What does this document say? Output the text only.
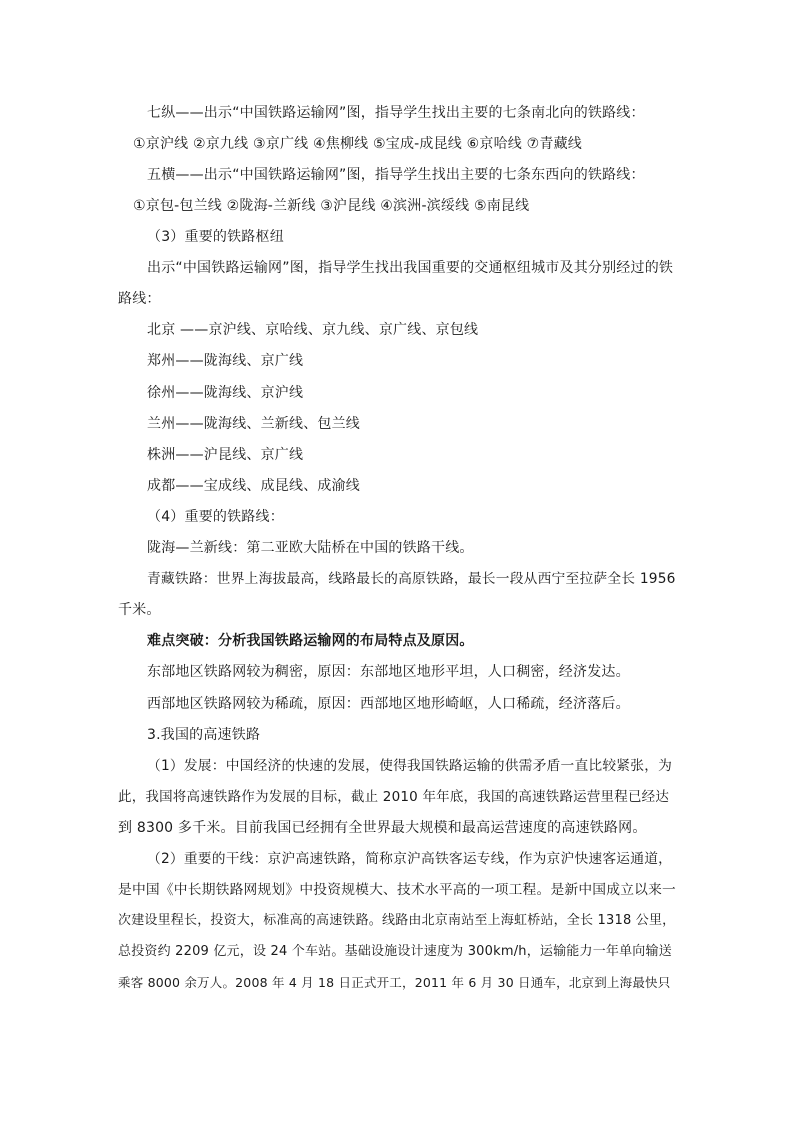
七纵——出示“中国铁路运输网”图，指导学生找出主要的七条南北向的铁路线：
①京沪线 ②京九线 ③京广线 ④焦柳线 ⑤宝成-成昆线 ⑥京哈线 ⑦青藏线
五横——出示“中国铁路运输网”图，指导学生找出主要的七条东西向的铁路线：
①京包-包兰线 ②陇海-兰新线 ③沪昆线 ④滨洲-滨绥线 ⑤南昆线
（3）重要的铁路枢纽
出示“中国铁路运输网”图，指导学生找出我国重要的交通枢纽城市及其分别经过的铁
路线：
北京 ——京沪线、京哈线、京九线、京广线、京包线
郑州——陇海线、京广线
徐州——陇海线、京沪线
兰州——陇海线、兰新线、包兰线
株洲——沪昆线、京广线
成都——宝成线、成昆线、成渝线
（4）重要的铁路线：
陇海—兰新线：第二亚欧大陆桥在中国的铁路干线。
青藏铁路：世界上海拔最高，线路最长的高原铁路，最长一段从西宁至拉萨全长 1956
千米。
难点突破：分析我国铁路运输网的布局特点及原因。
东部地区铁路网较为稠密，原因：东部地区地形平坦，人口稠密，经济发达。
西部地区铁路网较为稀疏，原因：西部地区地形崎岖，人口稀疏，经济落后。
3.我国的高速铁路
（1）发展：中国经济的快速的发展，使得我国铁路运输的供需矛盾一直比较紧张，为
此，我国将高速铁路作为发展的目标，截止 2010 年年底，我国的高速铁路运营里程已经达
到 8300 多千米。目前我国已经拥有全世界最大规模和最高运营速度的高速铁路网。
（2）重要的干线：京沪高速铁路，简称京沪高铁客运专线，作为京沪快速客运通道，
是中国《中长期铁路网规划》中投资规模大、技术水平高的一项工程。是新中国成立以来一
次建设里程长，投资大，标准高的高速铁路。线路由北京南站至上海虹桥站，全长 1318 公里，
总投资约 2209 亿元，设 24 个车站。基础设施设计速度为 300km/h，运输能力一年单向输送
乘客 8000 余万人。2008 年 4 月 18 日正式开工，2011 年 6 月 30 日通车，北京到上海最快只
